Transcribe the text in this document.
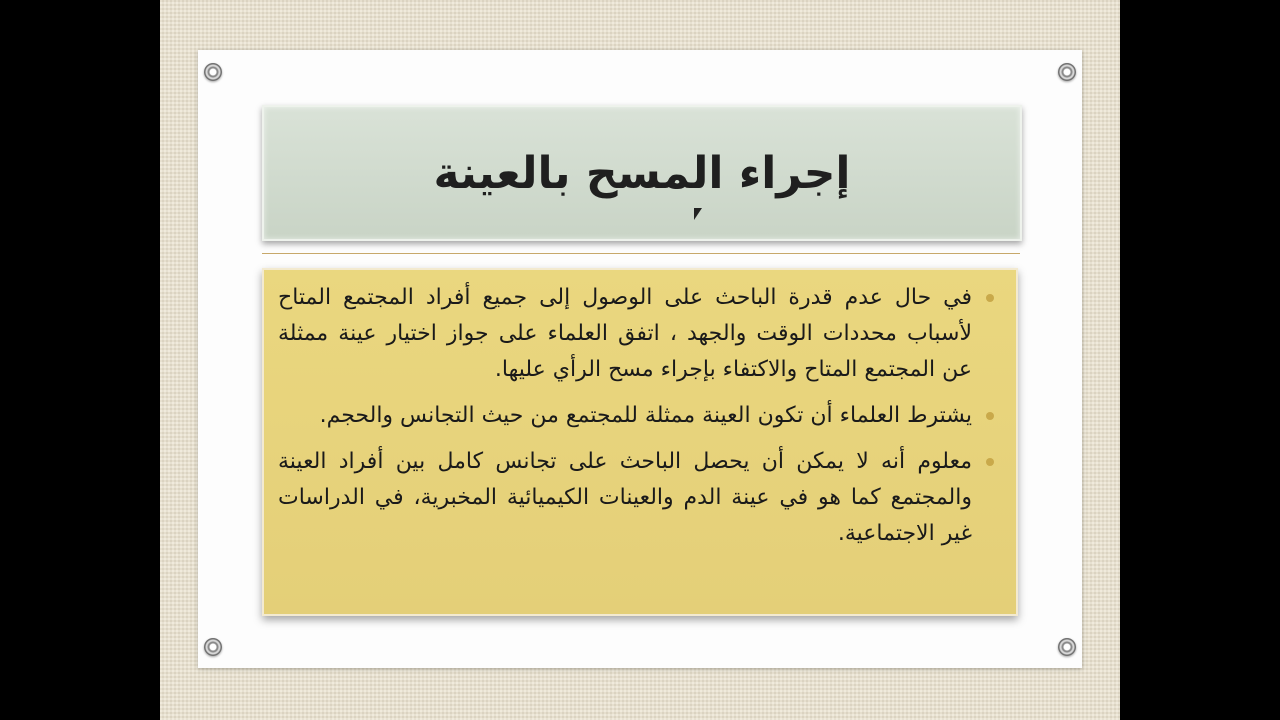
إجراء المسح بالعينة
في حال عدم قدرة الباحث على الوصول إلى جميع أفراد المجتمع المتاح لأسباب محددات الوقت والجهد ، اتفق العلماء على جواز اختيار عينة ممثلة عن المجتمع المتاح والاكتفاء بإجراء مسح الرأي عليها.
يشترط العلماء أن تكون العينة ممثلة للمجتمع من حيث التجانس والحجم.
معلوم أنه لا يمكن أن يحصل الباحث على تجانس كامل بين أفراد العينة والمجتمع كما هو في عينة الدم والعينات الكيميائية المخبرية، في الدراسات غير الاجتماعية.
